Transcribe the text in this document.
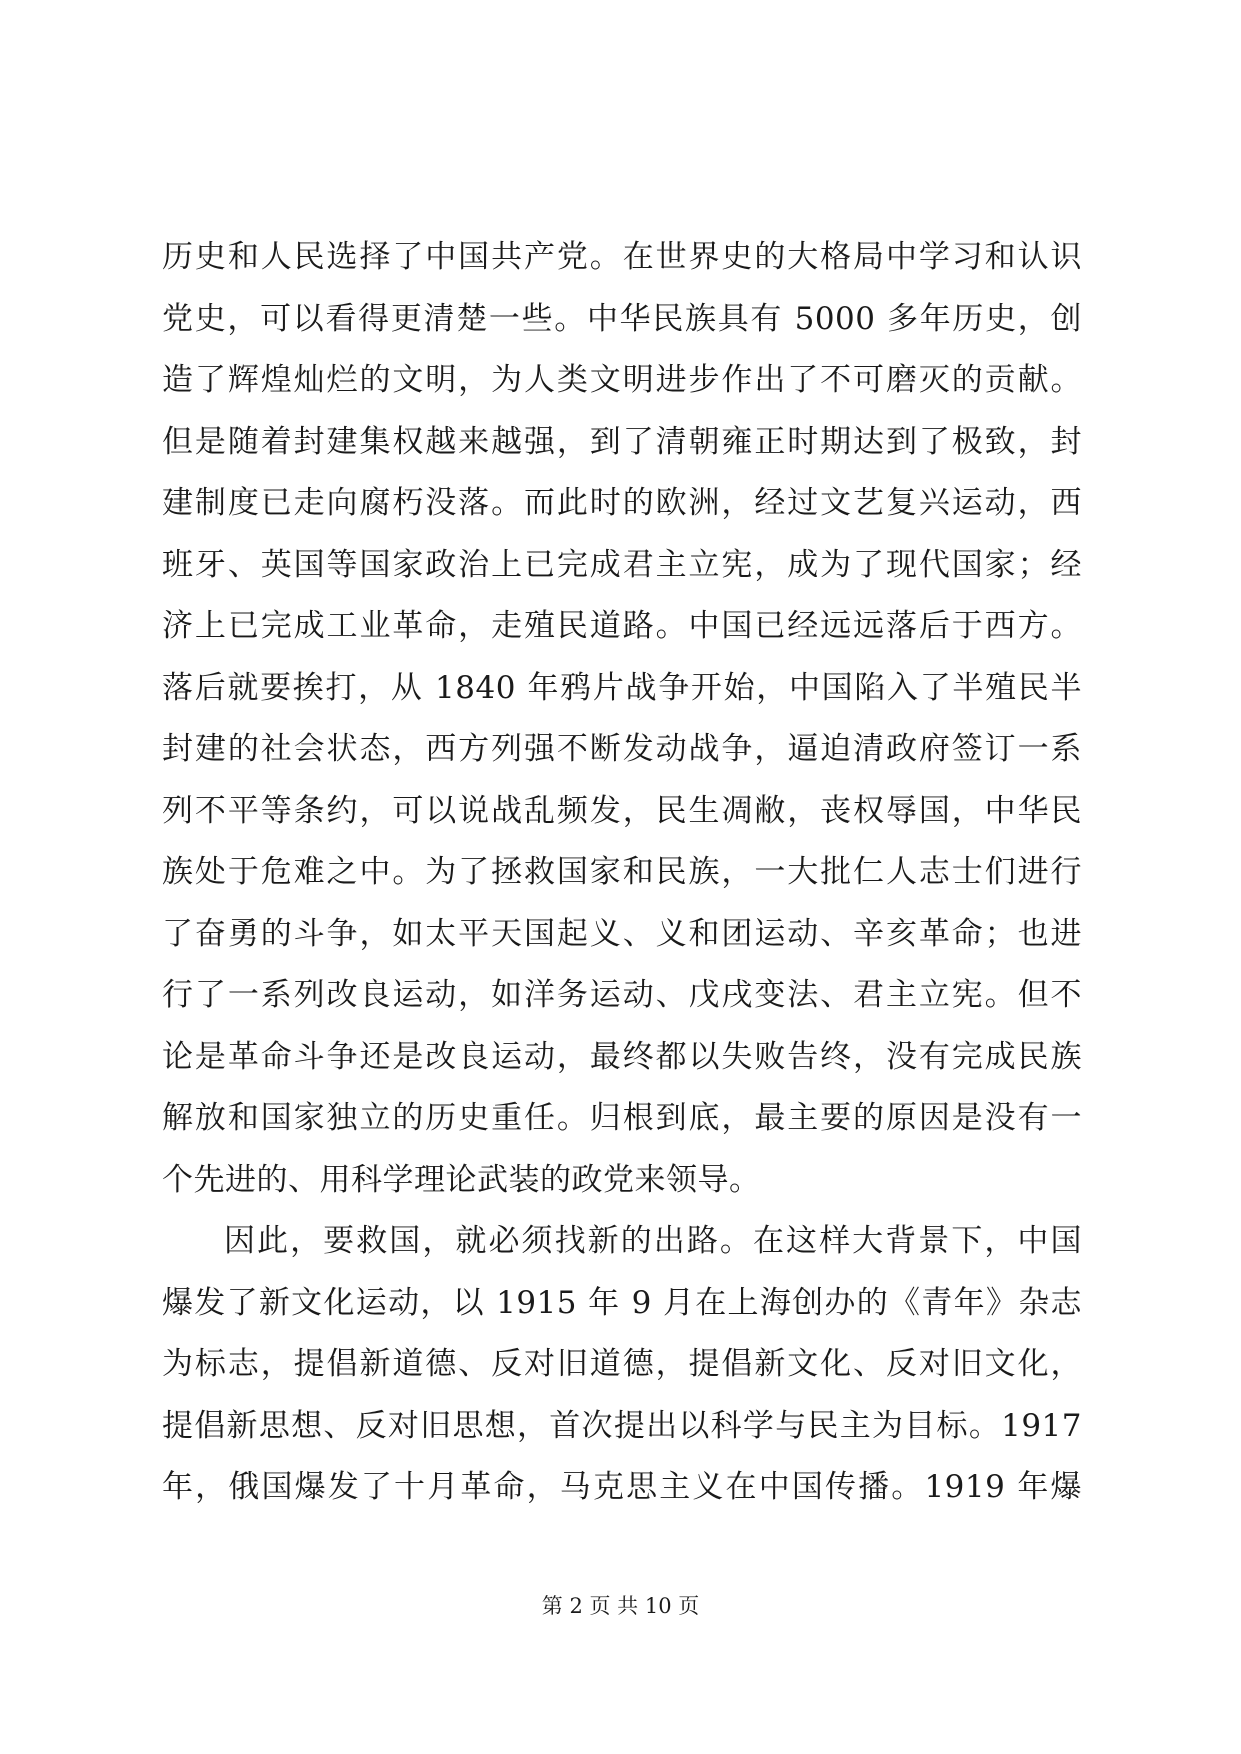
历史和人民选择了中国共产党。在世界史的大格局中学习和认识
党史，可以看得更清楚一些。中华民族具有 5000 多年历史，创
造了辉煌灿烂的文明，为人类文明进步作出了不可磨灭的贡献。
但是随着封建集权越来越强，到了清朝雍正时期达到了极致，封
建制度已走向腐朽没落。而此时的欧洲，经过文艺复兴运动，西
班牙、英国等国家政治上已完成君主立宪，成为了现代国家；经
济上已完成工业革命，走殖民道路。中国已经远远落后于西方。
落后就要挨打，从 1840 年鸦片战争开始，中国陷入了半殖民半
封建的社会状态，西方列强不断发动战争，逼迫清政府签订一系
列不平等条约，可以说战乱频发，民生凋敝，丧权辱国，中华民
族处于危难之中。为了拯救国家和民族，一大批仁人志士们进行
了奋勇的斗争，如太平天国起义、义和团运动、辛亥革命；也进
行了一系列改良运动，如洋务运动、戊戌变法、君主立宪。但不
论是革命斗争还是改良运动，最终都以失败告终，没有完成民族
解放和国家独立的历史重任。归根到底，最主要的原因是没有一
个先进的、用科学理论武装的政党来领导。
因此，要救国，就必须找新的出路。在这样大背景下，中国
爆发了新文化运动，以 1915 年 9 月在上海创办的《青年》杂志
为标志，提倡新道德、反对旧道德，提倡新文化、反对旧文化，
提倡新思想、反对旧思想，首次提出以科学与民主为目标。1917
年，俄国爆发了十月革命，马克思主义在中国传播。1919 年爆
第 2 页 共 10 页
